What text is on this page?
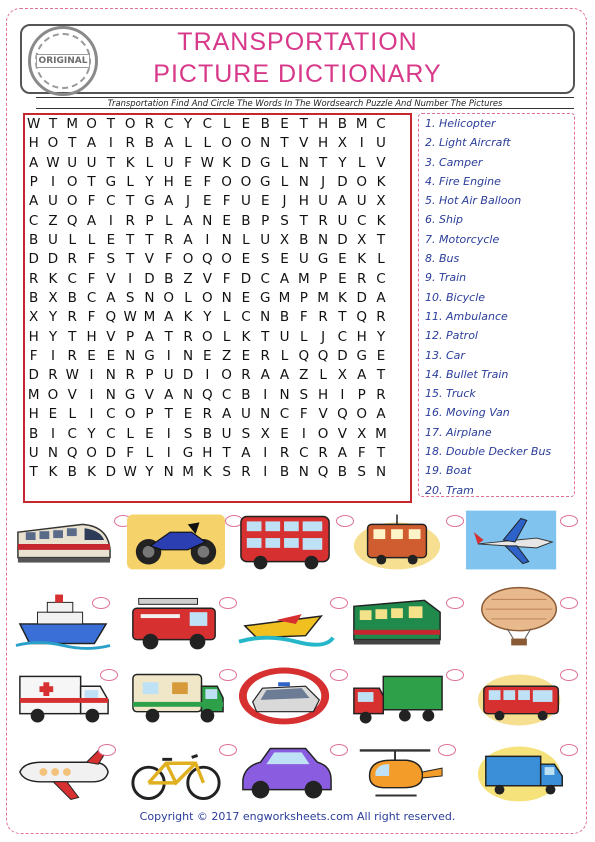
ORIGINAL
TRANSPORTATION
PICTURE DICTIONARY
Transportation Find And Circle The Words In The Wordsearch Puzzle And Number The Pictures
W T M O T O R C Y C L E B E T H B M C
H O T A I R B A L L O O N T V H X I U
A W U U T K L U F W K D G L N T Y L V
P I O T G L Y H E F O O G L N J D O K
A U O F C T G A J E F U E J H U A U X
C Z Q A I R P L A N E B P S T R U C K
B U L L E T T R A I N L U X B N D X T
D D R F S T V F O Q O E S E U G E K L
R K C F V I D B Z V F D C A M P E R C
B X B C A S N O L O N E G M P M K D A
X Y R F Q W M A K Y L C N B F R T Q R
H Y T H V P A T R O L K T U L	J C H Y
F I R E E N G I N E Z E R L Q Q D G E
D R W I N R P U D I O R A A Z L X A T
M O V I N G V A N Q C B I N S H I P R
H E L	I C O P T E R A U N C F V Q O A
B I C Y C L E I S B U S X E I O V X M
U N Q O D F L	I G H T A I R C R A F T
T K B K D W Y N M K S R I B N Q B S N
1. Helicopter
2. Light Aircraft
3. Camper
4. Fire Engine
5. Hot Air Balloon
6. Ship
7. Motorcycle
8. Bus
9. Train
10. Bicycle
11. Ambulance
12. Patrol
13. Car
14. Bullet Train
15. Truck
16. Moving Van
17. Airplane
18. Double Decker Bus
19. Boat
20. Tram
Copyright © 2017 engworksheets.com All right reserved.
